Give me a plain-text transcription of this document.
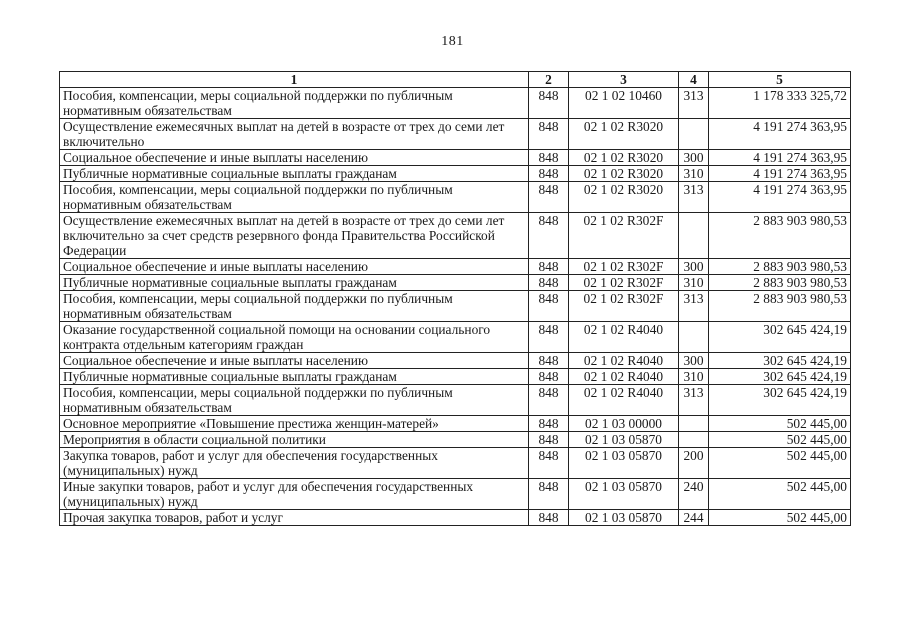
181
1	2	3	4	5
Пособия, компенсации, меры социальной поддержки по публичным нормативным обязательствам	848	02 1 02 10460	313	1 178 333 325,72
Осуществление ежемесячных выплат на детей в возрасте от трех до семи лет включительно	848	02 1 02 R3020		4 191 274 363,95
Социальное обеспечение и иные выплаты населению	848	02 1 02 R3020	300	4 191 274 363,95
Публичные нормативные социальные выплаты гражданам	848	02 1 02 R3020	310	4 191 274 363,95
Пособия, компенсации, меры социальной поддержки по публичным нормативным обязательствам	848	02 1 02 R3020	313	4 191 274 363,95
Осуществление ежемесячных выплат на детей в возрасте от трех до семи лет включительно за счет средств резервного фонда Правительства Российской Федерации	848	02 1 02 R302F		2 883 903 980,53
Социальное обеспечение и иные выплаты населению	848	02 1 02 R302F	300	2 883 903 980,53
Публичные нормативные социальные выплаты гражданам	848	02 1 02 R302F	310	2 883 903 980,53
Пособия, компенсации, меры социальной поддержки по публичным нормативным обязательствам	848	02 1 02 R302F	313	2 883 903 980,53
Оказание государственной социальной помощи на основании социального контракта отдельным категориям граждан	848	02 1 02 R4040		302 645 424,19
Социальное обеспечение и иные выплаты населению	848	02 1 02 R4040	300	302 645 424,19
Публичные нормативные социальные выплаты гражданам	848	02 1 02 R4040	310	302 645 424,19
Пособия, компенсации, меры социальной поддержки по публичным нормативным обязательствам	848	02 1 02 R4040	313	302 645 424,19
Основное мероприятие «Повышение престижа женщин-матерей»	848	02 1 03 00000		502 445,00
Мероприятия в области социальной политики	848	02 1 03 05870		502 445,00
Закупка товаров, работ и услуг для обеспечения государственных (муниципальных) нужд	848	02 1 03 05870	200	502 445,00
Иные закупки товаров, работ и услуг для обеспечения государственных (муниципальных) нужд	848	02 1 03 05870	240	502 445,00
Прочая закупка товаров, работ и услуг	848	02 1 03 05870	244	502 445,00
